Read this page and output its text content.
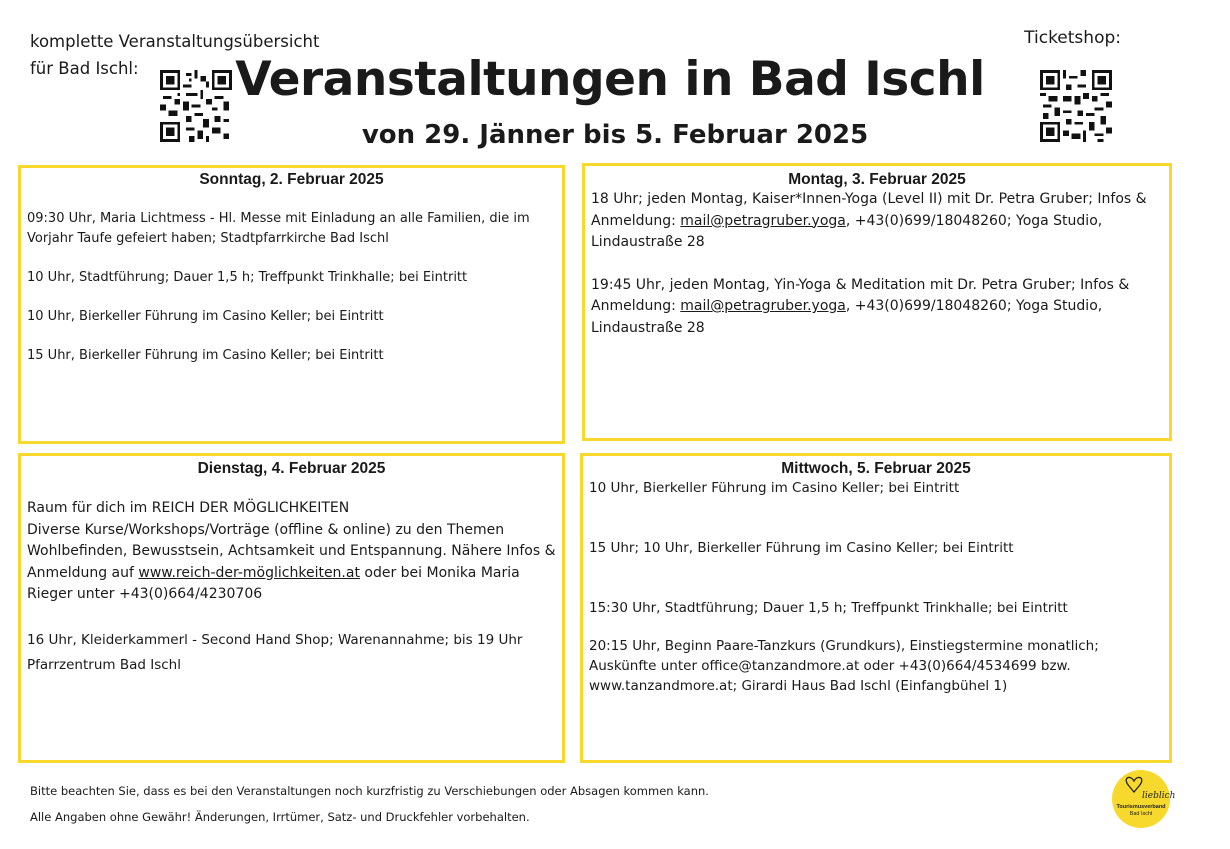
komplette Veranstaltungsübersicht
für Bad Ischl:	Veranstaltungen in Bad Ischl
von 29. Jänner bis 5. Februar 2025
Ticketshop:
Sonntag, 2. Februar 2025

09:30 Uhr, Maria Lichtmess - Hl. Messe mit Einladung an alle Familien, die im Vorjahr Taufe gefeiert haben; Stadtpfarrkirche Bad Ischl

10 Uhr, Stadtführung; Dauer 1,5 h; Treffpunkt Trinkhalle; bei Eintritt

10 Uhr, Bierkeller Führung im Casino Keller; bei Eintritt

15 Uhr, Bierkeller Führung im Casino Keller; bei Eintritt

Montag, 3. Februar 2025

18 Uhr; jeden Montag, Kaiser*Innen-Yoga (Level II) mit Dr. Petra Gruber; Infos & Anmeldung: mail@petragruber.yoga, +43(0)699/18048260; Yoga Studio, Lindaustraße 28

19:45 Uhr, jeden Montag, Yin-Yoga & Meditation mit Dr. Petra Gruber; Infos & Anmeldung: mail@petragruber.yoga, +43(0)699/18048260; Yoga Studio, Lindaustraße 28

Dienstag, 4. Februar 2025

Raum für dich im REICH DER MÖGLICHKEITEN
Diverse Kurse/Workshops/Vorträge (offline & online) zu den Themen Wohlbefinden, Bewusstsein, Achtsamkeit und Entspannung. Nähere Infos & Anmeldung auf www.reich-der-möglichkeiten.at oder bei Monika Maria Rieger unter +43(0)664/4230706

16 Uhr, Kleiderkammerl - Second Hand Shop; Warenannahme; bis 19 Uhr
Pfarrzentrum Bad Ischl

Mittwoch, 5. Februar 2025

10 Uhr, Bierkeller Führung im Casino Keller; bei Eintritt

15 Uhr; 10 Uhr, Bierkeller Führung im Casino Keller; bei Eintritt

15:30 Uhr, Stadtführung; Dauer 1,5 h; Treffpunkt Trinkhalle; bei Eintritt

20:15 Uhr, Beginn Paare-Tanzkurs (Grundkurs), Einstiegstermine monatlich; Auskünfte unter office@tanzandmore.at oder +43(0)664/4534699 bzw. www.tanzandmore.at; Girardi Haus Bad Ischl (Einfangbühel 1)

Bitte beachten Sie, dass es bei den Veranstaltungen noch kurzfristig zu Verschiebungen oder Absagen kommen kann.
Alle Angaben ohne Gewähr! Änderungen, Irrtümer, Satz- und Druckfehler vorbehalten.
lieblich
Tourismusverband
Bad Ischl
